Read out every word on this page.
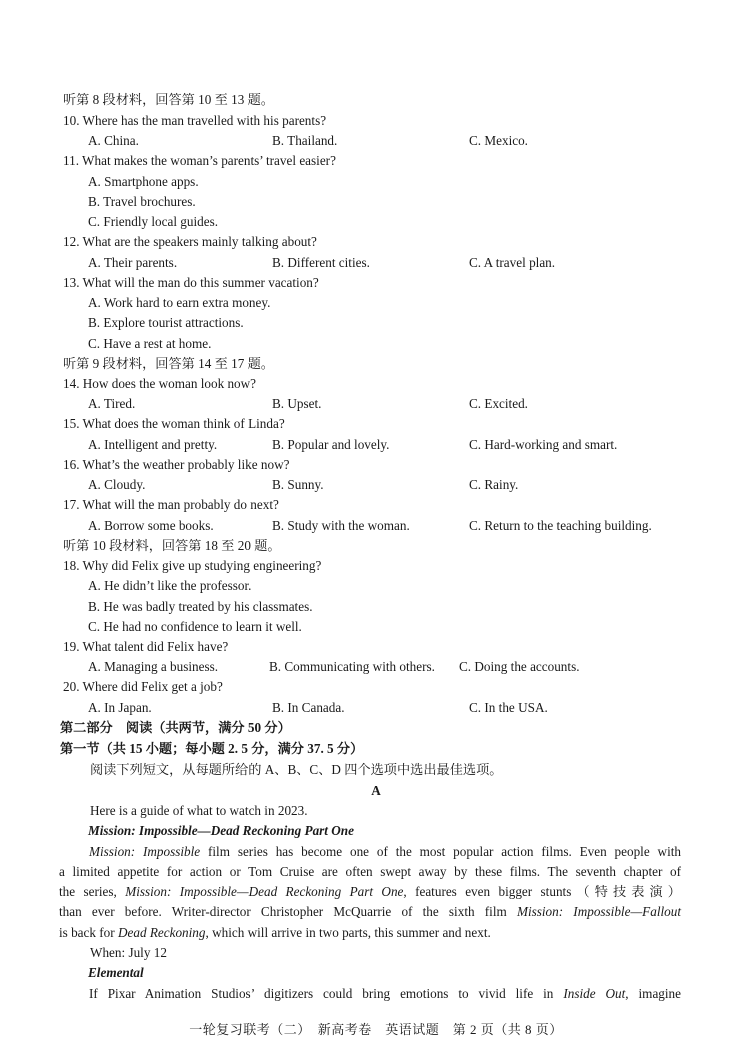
听第 8 段材料，回答第 10 至 13 题。
10. Where has the man travelled with his parents?
A. China.	B. Thailand.	C. Mexico.
11. What makes the woman’s parents’ travel easier?
A. Smartphone apps.
B. Travel brochures.
C. Friendly local guides.
12. What are the speakers mainly talking about?
A. Their parents.	B. Different cities.	C. A travel plan.
13. What will the man do this summer vacation?
A. Work hard to earn extra money.
B. Explore tourist attractions.
C. Have a rest at home.
听第 9 段材料，回答第 14 至 17 题。
14. How does the woman look now?
A. Tired.	B. Upset.	C. Excited.
15. What does the woman think of Linda?
A. Intelligent and pretty.	B. Popular and lovely.	C. Hard-working and smart.
16. What’s the weather probably like now?
A. Cloudy.	B. Sunny.	C. Rainy.
17. What will the man probably do next?
A. Borrow some books.	B. Study with the woman.	C. Return to the teaching building.
听第 10 段材料，回答第 18 至 20 题。
18. Why did Felix give up studying engineering?
A. He didn’t like the professor.
B. He was badly treated by his classmates.
C. He had no confidence to learn it well.
19. What talent did Felix have?
A. Managing a business.	B. Communicating with others. C. Doing the accounts.
20. Where did Felix get a job?
A. In Japan.	B. In Canada.	C. In the USA.
第二部分　阅读（共两节，满分 50 分）
第一节（共 15 小题；每小题 2. 5 分，满分 37. 5 分）
阅读下列短文，从每题所给的 A、B、C、D 四个选项中选出最佳选项。
A
Here is a guide of what to watch in 2023.
Mission: Impossible—Dead Reckoning Part One
Mission: Impossible film series has become one of the most popular action films. Even people with
a limited appetite for action or Tom Cruise are often swept away by these films. The seventh chapter of
the series, Mission: Impossible—Dead Reckoning Part One, features even bigger stunts（特技表演）
than ever before. Writer-director Christopher McQuarrie of the sixth film Mission: Impossible—Fallout
is back for Dead Reckoning, which will arrive in two parts, this summer and next.
When: July 12
Elemental
If Pixar Animation Studios’ digitizers could bring emotions to vivid life in Inside Out, imagine
一轮复习联考（二）　新高考卷　英语试题　第 2 页（共 8 页）
